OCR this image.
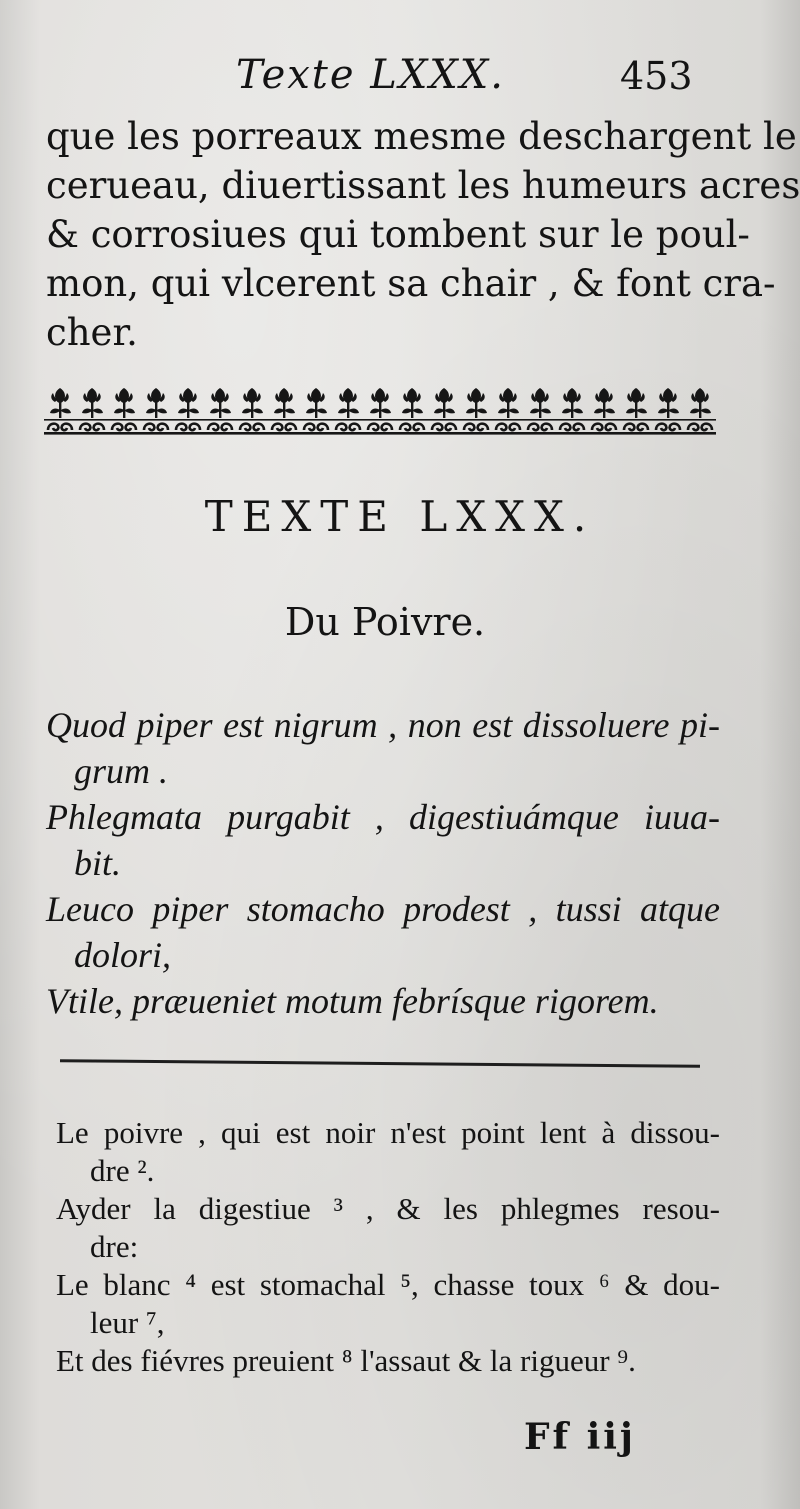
Texte LXXX.	453

que les porreaux mesme deschargent le
cerueau, diuertissant les humeurs acres
& corrosiues qui tombent sur le poul-
mon, qui vlcerent sa chair , & font cra-
cher.

TEXTE LXXX.
Du Poivre.
Quod piper est nigrum , non est dissoluere pi-
grum .
Phlegmata purgabit , digestiuámque iuua-
bit.
Leuco piper stomacho prodest , tussi atque
dolori,
Vtile, præueniet motum febrísque rigorem.
Le poivre , qui est noir n'est point lent à dissou-
dre ².
Ayder la digestiue ³ , & les phlegmes resou-
dre:
Le blanc ⁴ est stomachal ⁵, chasse toux ⁶ & dou-
leur ⁷,
Et des fiévres preuient ⁸ l'assaut & la rigueur ⁹.
Ff iij
